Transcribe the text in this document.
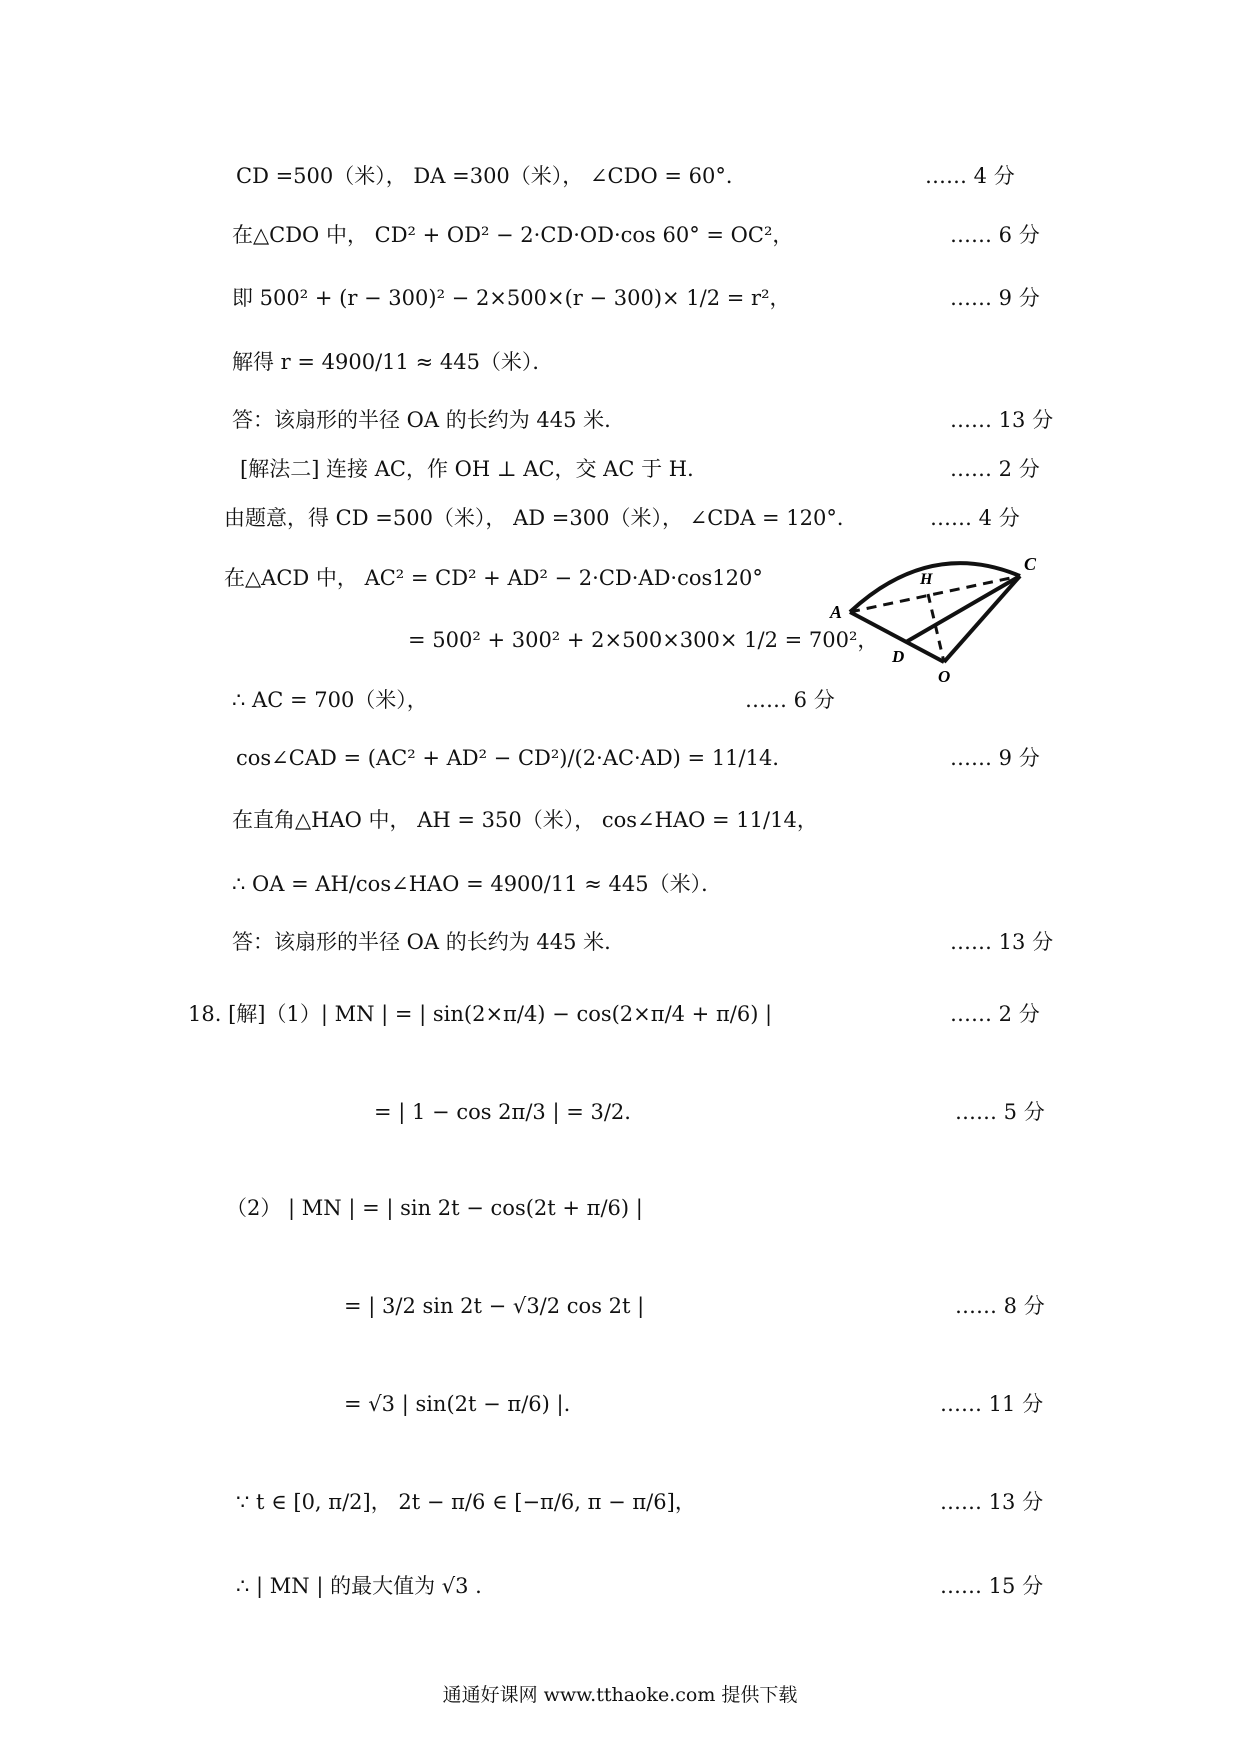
CD =500（米）， DA =300（米）， ∠CDO = 60°．	…… 4 分
在△CDO 中， CD² + OD² − 2·CD·OD·cos 60° = OC²，	…… 6 分
即 500² + (r − 300)² − 2×500×(r − 300)× 1/2 = r²，	…… 9 分
解得 r = 4900/11 ≈ 445（米）．
答：该扇形的半径 OA 的长约为 445 米.	…… 13 分
[解法二] 连接 AC，作 OH ⊥ AC，交 AC 于 H．	…… 2 分
由题意，得 CD =500（米）， AD =300（米）， ∠CDA = 120°．	…… 4 分
在△ACD 中， AC² = CD² + AD² − 2·CD·AD·cos120°
= 500² + 300² + 2×500×300× 1/2 = 700²，
∴ AC = 700（米），	…… 6 分
cos∠CAD = (AC² + AD² − CD²)/(2·AC·AD) = 11/14．	…… 9 分
在直角△HAO 中， AH = 350（米）， cos∠HAO = 11/14，
∴ OA = AH/cos∠HAO = 4900/11 ≈ 445（米）．
答：该扇形的半径 OA 的长约为 445 米.	…… 13 分
18. [解]（1）| MN | = | sin(2×π/4) − cos(2×π/4 + π/6) |	…… 2 分
= | 1 − cos 2π/3 | = 3/2.	…… 5 分
（2） | MN | = | sin 2t − cos(2t + π/6) |
= | 3/2 sin 2t − √3/2 cos 2t |	…… 8 分
= √3 | sin(2t − π/6) |.	…… 11 分
∵ t ∈ [0, π/2]， 2t − π/6 ∈ [−π/6, π − π/6]，	…… 13 分
∴ | MN | 的最大值为 √3 .	…… 15 分
A
H
C
D
O
通通好课网 www.tthaoke.com 提供下载
